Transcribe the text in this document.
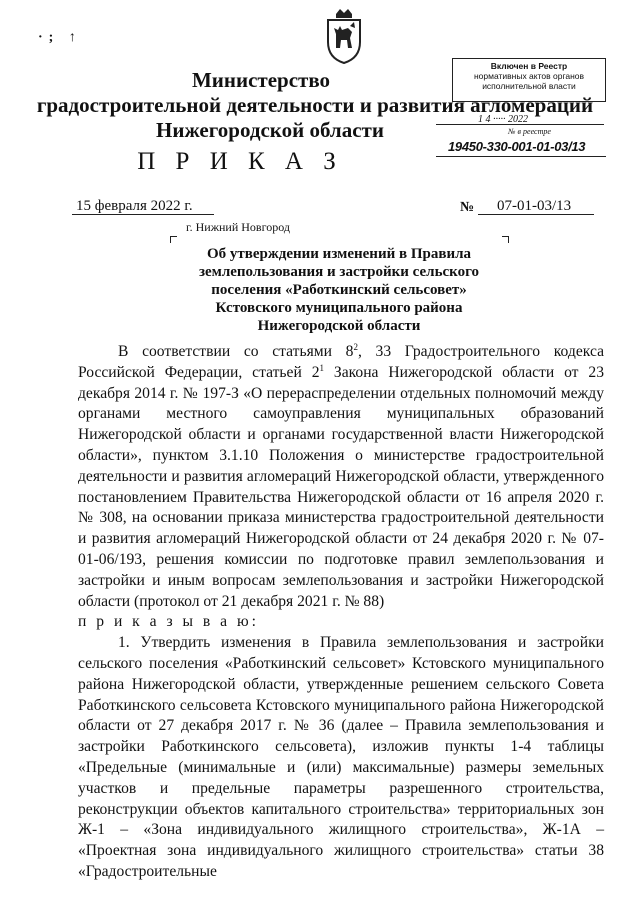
·; ↑
Включен в Реестр
нормативных актов органов
исполнительной власти
1 4 ····· 2022
№ в реестре
19450-330-001-01-03/13
Министерство
градостроительной деятельности и развития агломераций
Нижегородской области
П Р И К А З
15 февраля 2022 г.	№ 07-01-03/13
г. Нижний Новгород
Об утверждении изменений в Правила землепользования и застройки сельского поселения «Работкинский сельсовет» Кстовского муниципального района Нижегородской области

В соответствии со статьями $8^2$, 33 Градостроительного кодекса Российской Федерации, статьей $2^1$ Закона Нижегородской области от 23 декабря 2014 г. № 197-З «О перераспределении отдельных полномочий между органами местного самоуправления муниципальных образований Нижегородской области и органами государственной власти Нижегородской области», пунктом 3.1.10 Положения о министерстве градостроительной деятельности и развития агломераций Нижегородской области, утвержденного постановлением Правительства Нижегородской области от 16 апреля 2020 г. № 308, на основании приказа министерства градостроительной деятельности и развития агломераций Нижегородской области от 24 декабря 2020 г. № 07-01-06/193, решения комиссии по подготовке правил землепользования и застройки и иным вопросам землепользования и застройки Нижегородской области (протокол от 21 декабря 2021 г. № 88)

п р и к а з ы в а ю:

1. Утвердить изменения в Правила землепользования и застройки сельского поселения «Работкинский сельсовет» Кстовского муниципального района Нижегородской области, утвержденные решением сельского Совета Работкинского сельсовета Кстовского муниципального района Нижегородской области от 27 декабря 2017 г. № 36 (далее – Правила землепользования и застройки Работкинского сельсовета), изложив пункты 1-4 таблицы «Предельные (минимальные и (или) максимальные) размеры земельных участков и предельные параметры разрешенного строительства, реконструкции объектов капитального строительства» территориальных зон Ж-1 – «Зона индивидуального жилищного строительства», Ж-1А – «Проектная зона индивидуального жилищного строительства» статьи 38 «Градостроительные
